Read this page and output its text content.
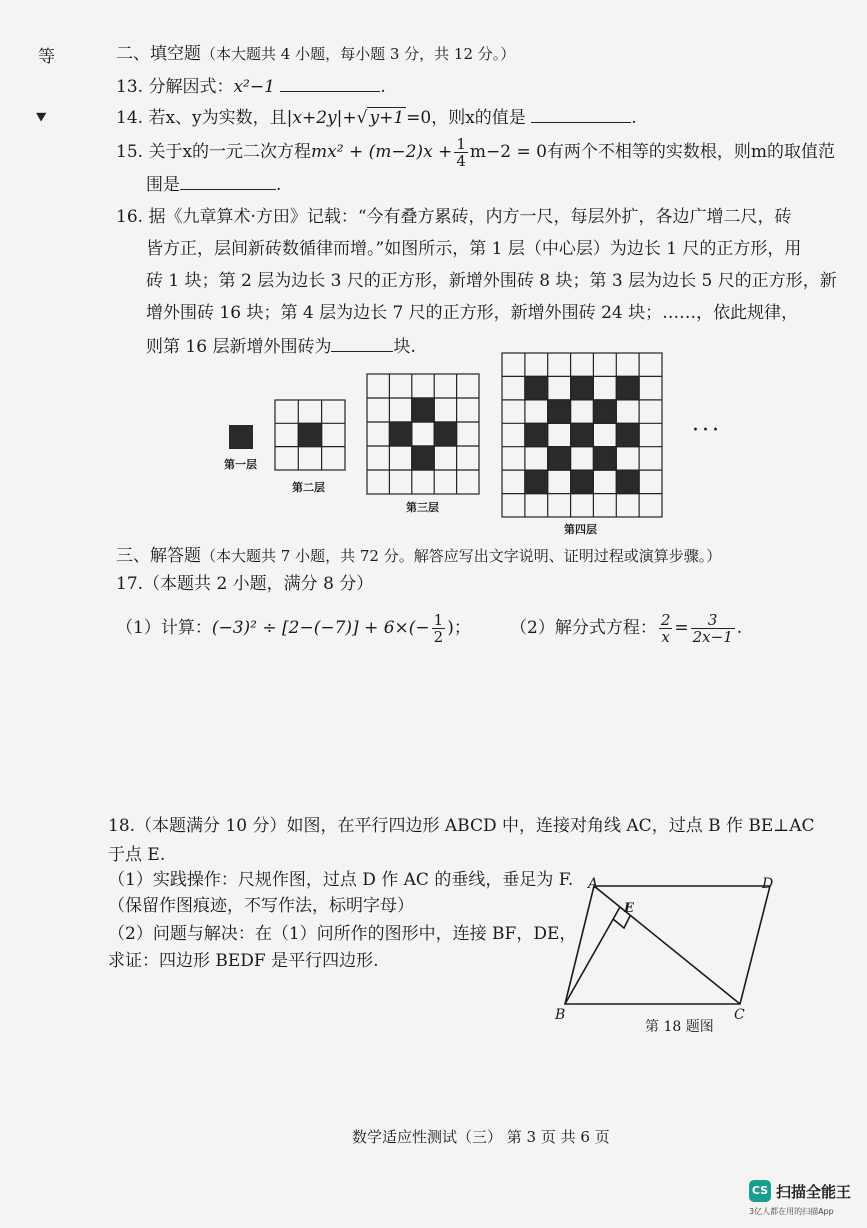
等	二、填空题（本大题共 4 小题，每小题 3 分，共 12 分。）
13. 分解因式：x²−1	.
14. 若x、y为实数，且|x+2y|+√ y+1 =0，则x的值是	.
15. 关于x的一元二次方程$mx^2 + (m-2)x + \frac{1}{4} m-2 = 0$有两个不相等的实数根，则m的取值范
围是	.
16. 据《九章算术·方田》记载：“今有叠方累砖，内方一尺，每层外扩，各边广增二尺，砖
皆方正，层间新砖数循律而增。”如图所示，第 1 层（中心层）为边长 1 尺的正方形，用
砖 1 块；第 2 层为边长 3 尺的正方形，新增外围砖 8 块；第 3 层为边长 5 尺的正方形，新
增外围砖 16 块；第 4 层为边长 7 尺的正方形，新增外围砖 24 块；……，依此规律，
则第 16 层新增外围砖为	块.
第一层
第二层
第三层
第四层
···
三、解答题（本大题共 7 小题，共 72 分。解答应写出文字说明、证明过程或演算步骤。）
17.（本题共 2 小题，满分 8 分）
（1）计算：$(-3)^2 \div [2-(-7)] + 6\times(- \frac{1}{2}$ )； （2）解分式方程： $\frac{2}{x} = \frac{3}{2x-1}$ .
18.（本题满分 10 分）如图，在平行四边形 ABCD 中，连接对角线 AC，过点 B 作 BE⊥AC
于点 E.
（1）实践操作：尺规作图，过点 D 作 AC 的垂线，垂足为 F.
（保留作图痕迹，不写作法，标明字母）
（2）问题与解决：在（1）问所作的图形中，连接 BF，DE，
求证：四边形 BEDF 是平行四边形.
A	D
E
B	C
第 18 题图
数学适应性测试（三） 第 3 页 共 6 页
CS 扫描全能王
3亿人都在用的扫描App
